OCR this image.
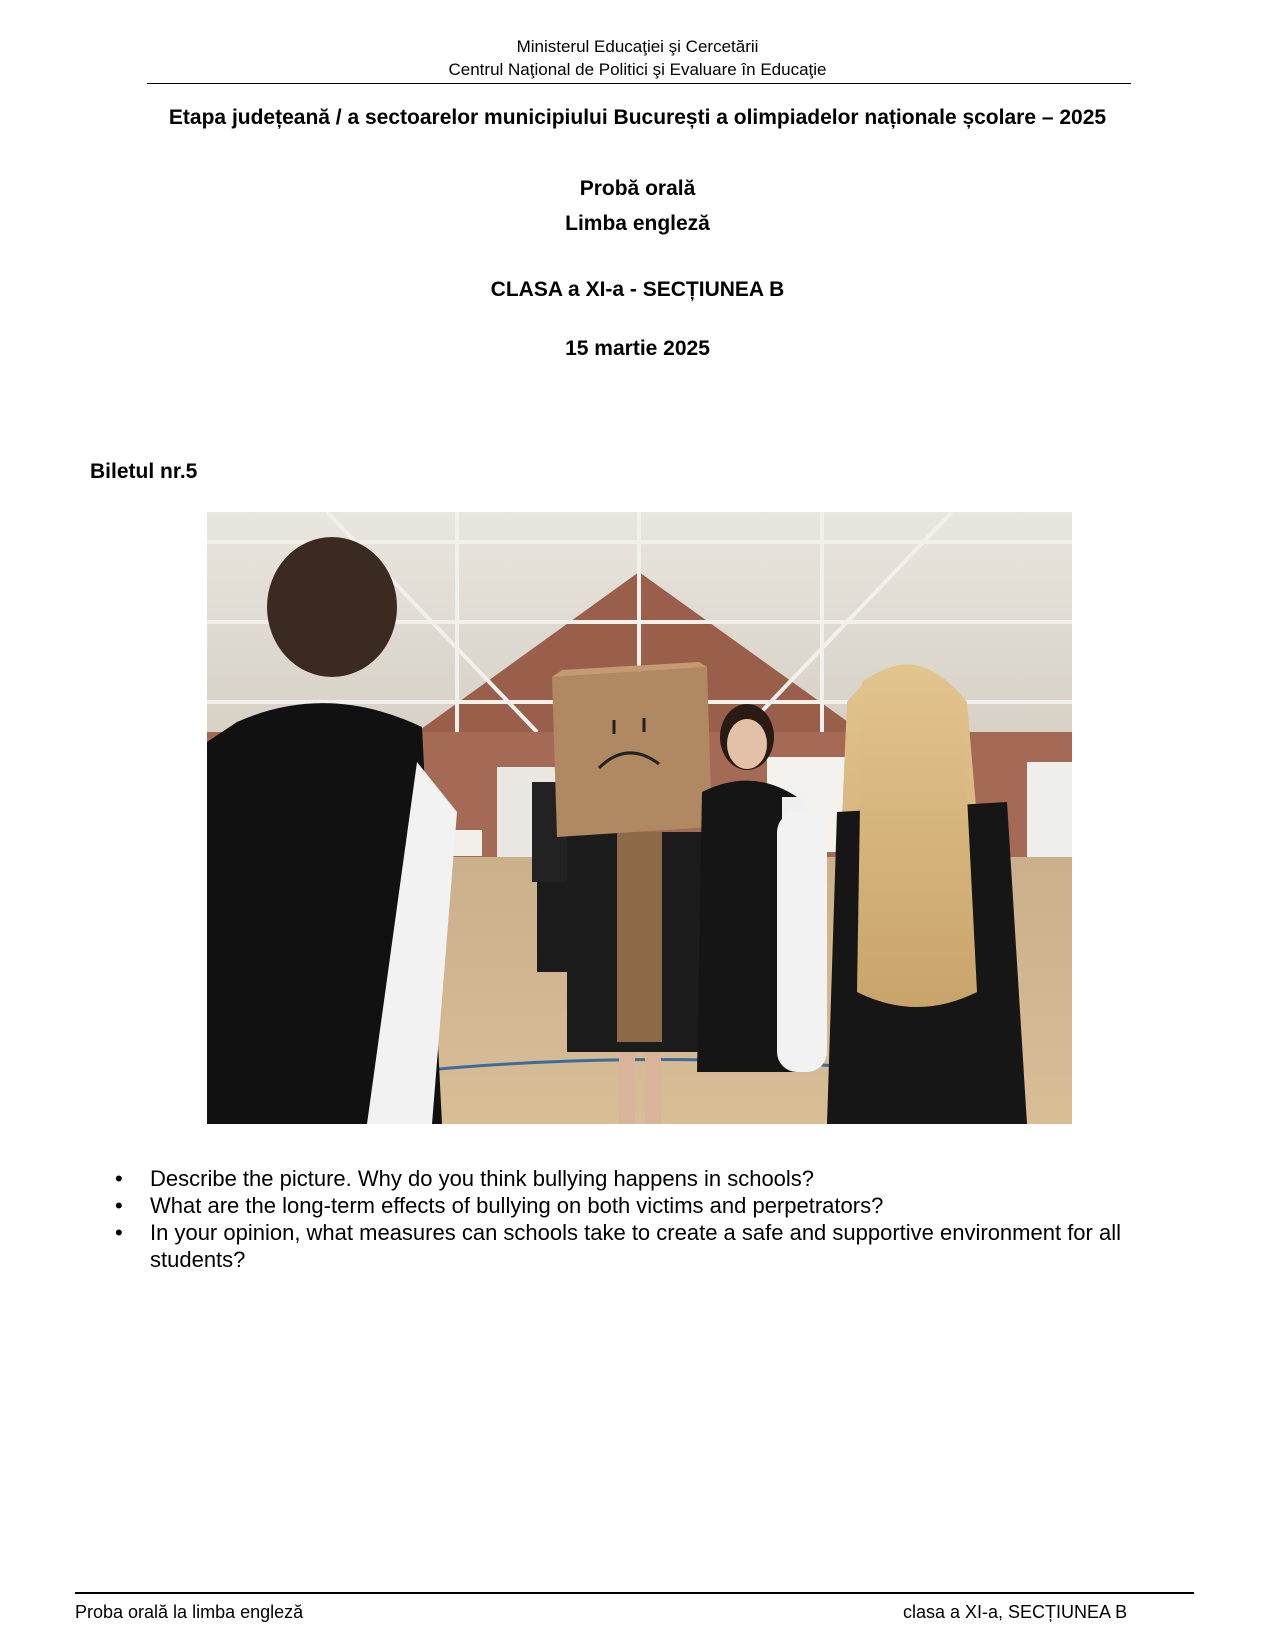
Ministerul Educaţiei şi Cercetării
Centrul Naţional de Politici şi Evaluare în Educaţie
Etapa județeană / a sectoarelor municipiului București a olimpiadelor naționale școlare – 2025
Probă orală
Limba engleză
CLASA a XI-a - SECȚIUNEA B
15 martie 2025
Biletul nr.5
• Describe the picture. Why do you think bullying happens in schools?
• What are the long-term effects of bullying on both victims and perpetrators?
• In your opinion, what measures can schools take to create a safe and supportive environment for all students?
Proba orală la limba engleză	clasa a XI-a, SECȚIUNEA B
